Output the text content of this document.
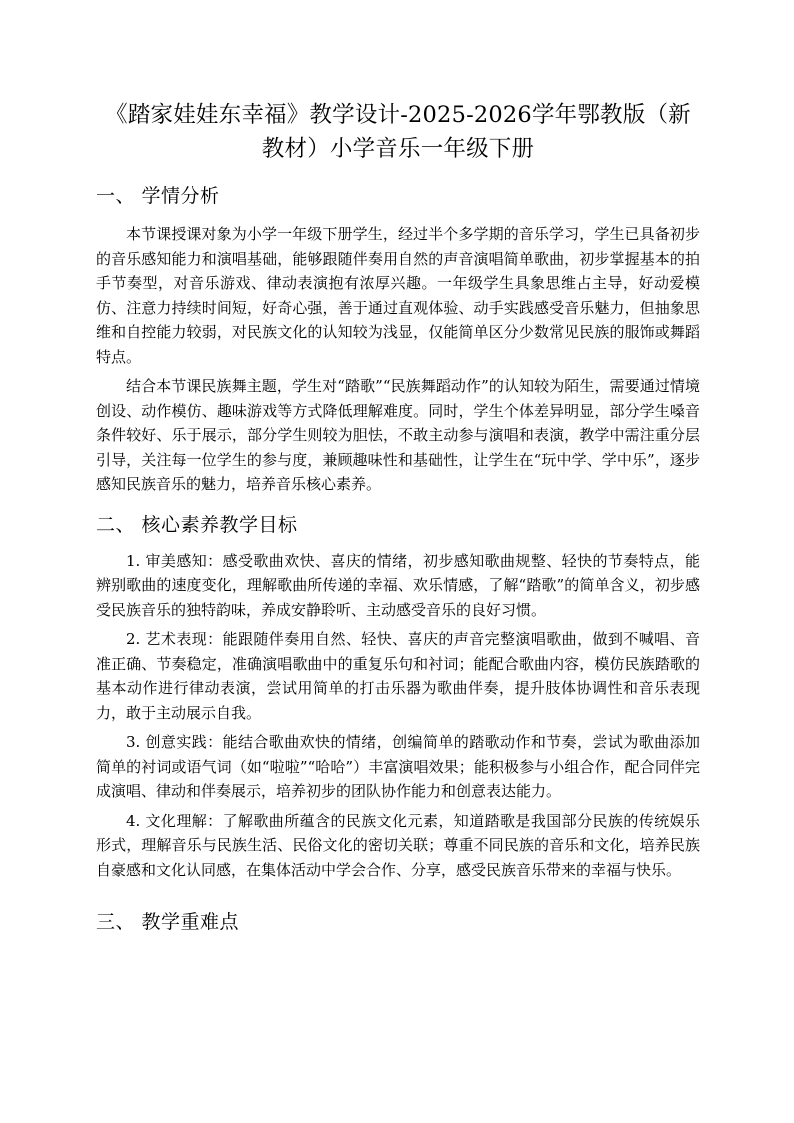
《踏家娃娃东幸福》教学设计-2025-2026学年鄂教版（新教材）小学音乐一年级下册
一、 学情分析

本节课授课对象为小学一年级下册学生，经过半个多学期的音乐学习，学生已具备初步的音乐感知能力和演唱基础，能够跟随伴奏用自然的声音演唱简单歌曲，初步掌握基本的拍手节奏型，对音乐游戏、律动表演抱有浓厚兴趣。一年级学生具象思维占主导，好动爱模仿、注意力持续时间短，好奇心强，善于通过直观体验、动手实践感受音乐魅力，但抽象思维和自控能力较弱，对民族文化的认知较为浅显，仅能简单区分少数常见民族的服饰或舞蹈特点。

结合本节课民族舞主题，学生对“踏歌”“民族舞蹈动作”的认知较为陌生，需要通过情境创设、动作模仿、趣味游戏等方式降低理解难度。同时，学生个体差异明显，部分学生嗓音条件较好、乐于展示，部分学生则较为胆怯，不敢主动参与演唱和表演，教学中需注重分层引导，关注每一位学生的参与度，兼顾趣味性和基础性，让学生在“玩中学、学中乐”，逐步感知民族音乐的魅力，培养音乐核心素养。

二、 核心素养教学目标

1. 审美感知：感受歌曲欢快、喜庆的情绪，初步感知歌曲规整、轻快的节奏特点，能辨别歌曲的速度变化，理解歌曲所传递的幸福、欢乐情感，了解“踏歌”的简单含义，初步感受民族音乐的独特韵味，养成安静聆听、主动感受音乐的良好习惯。

2. 艺术表现：能跟随伴奏用自然、轻快、喜庆的声音完整演唱歌曲，做到不喊唱、音准正确、节奏稳定，准确演唱歌曲中的重复乐句和衬词；能配合歌曲内容，模仿民族踏歌的基本动作进行律动表演，尝试用简单的打击乐器为歌曲伴奏，提升肢体协调性和音乐表现力，敢于主动展示自我。

3. 创意实践：能结合歌曲欢快的情绪，创编简单的踏歌动作和节奏，尝试为歌曲添加简单的衬词或语气词（如“啦啦”“哈哈”）丰富演唱效果；能积极参与小组合作，配合同伴完成演唱、律动和伴奏展示，培养初步的团队协作能力和创意表达能力。

4. 文化理解：了解歌曲所蕴含的民族文化元素，知道踏歌是我国部分民族的传统娱乐形式，理解音乐与民族生活、民俗文化的密切关联；尊重不同民族的音乐和文化，培养民族自豪感和文化认同感，在集体活动中学会合作、分享，感受民族音乐带来的幸福与快乐。

三、 教学重难点
